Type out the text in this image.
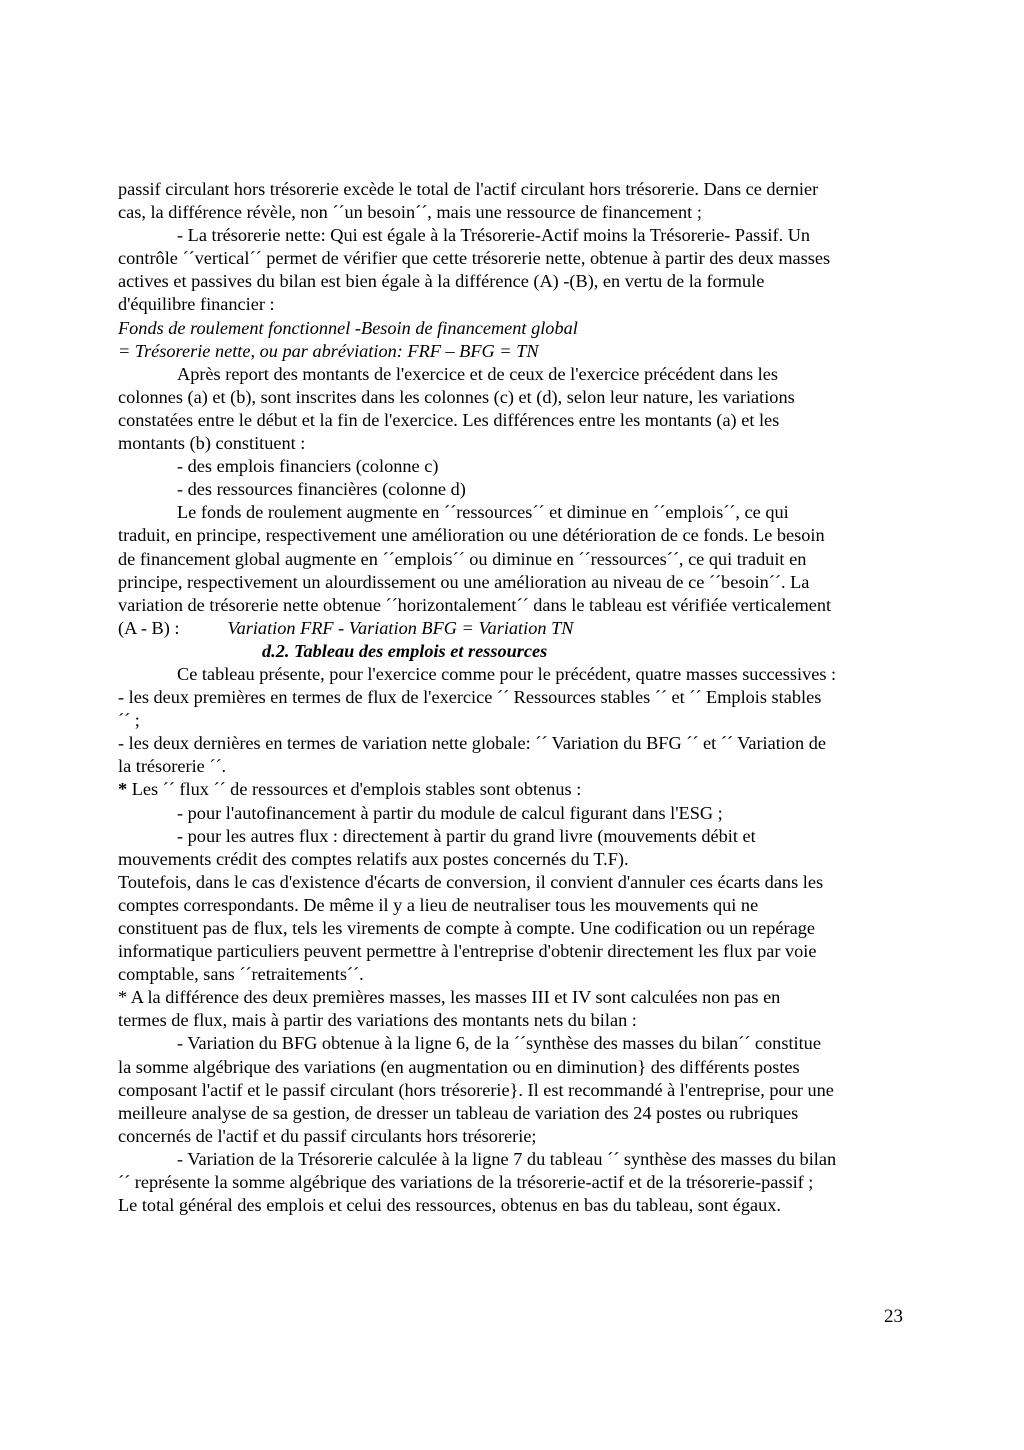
passif circulant hors trésorerie excède le total de l'actif circulant hors trésorerie. Dans ce dernier
cas, la différence révèle, non ´´un besoin´´, mais une ressource de financement ;
- La trésorerie nette: Qui est égale à la Trésorerie-Actif moins la Trésorerie- Passif. Un
contrôle ´´vertical´´ permet de vérifier que cette trésorerie nette, obtenue à partir des deux masses
actives et passives du bilan est bien égale à la différence (A) -(B), en vertu de la formule
d'équilibre financier :
Fonds de roulement fonctionnel -Besoin de financement global
= Trésorerie nette, ou par abréviation: FRF – BFG = TN
Après report des montants de l'exercice et de ceux de l'exercice précédent dans les
colonnes (a) et (b), sont inscrites dans les colonnes (c) et (d), selon leur nature, les variations
constatées entre le début et la fin de l'exercice. Les différences entre les montants (a) et les
montants (b) constituent :
- des emplois financiers (colonne c)
- des ressources financières (colonne d)
Le fonds de roulement augmente en ´´ressources´´ et diminue en ´´emplois´´, ce qui
traduit, en principe, respectivement une amélioration ou une détérioration de ce fonds. Le besoin
de financement global augmente en ´´emplois´´ ou diminue en ´´ressources´´, ce qui traduit en
principe, respectivement un alourdissement ou une amélioration au niveau de ce ´´besoin´´. La
variation de trésorerie nette obtenue ´´horizontalement´´ dans le tableau est vérifiée verticalement
(A - B) :	Variation FRF - Variation BFG = Variation TN
d.2. Tableau des emplois et ressources
Ce tableau présente, pour l'exercice comme pour le précédent, quatre masses successives :
- les deux premières en termes de flux de l'exercice ´´ Ressources stables ´´ et ´´ Emplois stables
´´ ;
- les deux dernières en termes de variation nette globale: ´´ Variation du BFG ´´ et ´´ Variation de
la trésorerie ´´.
* Les ´´ flux ´´ de ressources et d'emplois stables sont obtenus :
- pour l'autofinancement à partir du module de calcul figurant dans l'ESG ;
- pour les autres flux : directement à partir du grand livre (mouvements débit et
mouvements crédit des comptes relatifs aux postes concernés du T.F).
Toutefois, dans le cas d'existence d'écarts de conversion, il convient d'annuler ces écarts dans les
comptes correspondants. De même il y a lieu de neutraliser tous les mouvements qui ne
constituent pas de flux, tels les virements de compte à compte. Une codification ou un repérage
informatique particuliers peuvent permettre à l'entreprise d'obtenir directement les flux par voie
comptable, sans ´´retraitements´´.
* A la différence des deux premières masses, les masses III et IV sont calculées non pas en
termes de flux, mais à partir des variations des montants nets du bilan :
- Variation du BFG obtenue à la ligne 6, de la ´´synthèse des masses du bilan´´ constitue
la somme algébrique des variations (en augmentation ou en diminution} des différents postes
composant l'actif et le passif circulant (hors trésorerie}. Il est recommandé à l'entreprise, pour une
meilleure analyse de sa gestion, de dresser un tableau de variation des 24 postes ou rubriques
concernés de l'actif et du passif circulants hors trésorerie;
- Variation de la Trésorerie calculée à la ligne 7 du tableau ´´ synthèse des masses du bilan
´´ représente la somme algébrique des variations de la trésorerie-actif et de la trésorerie-passif ;
Le total général des emplois et celui des ressources, obtenus en bas du tableau, sont égaux.
23
